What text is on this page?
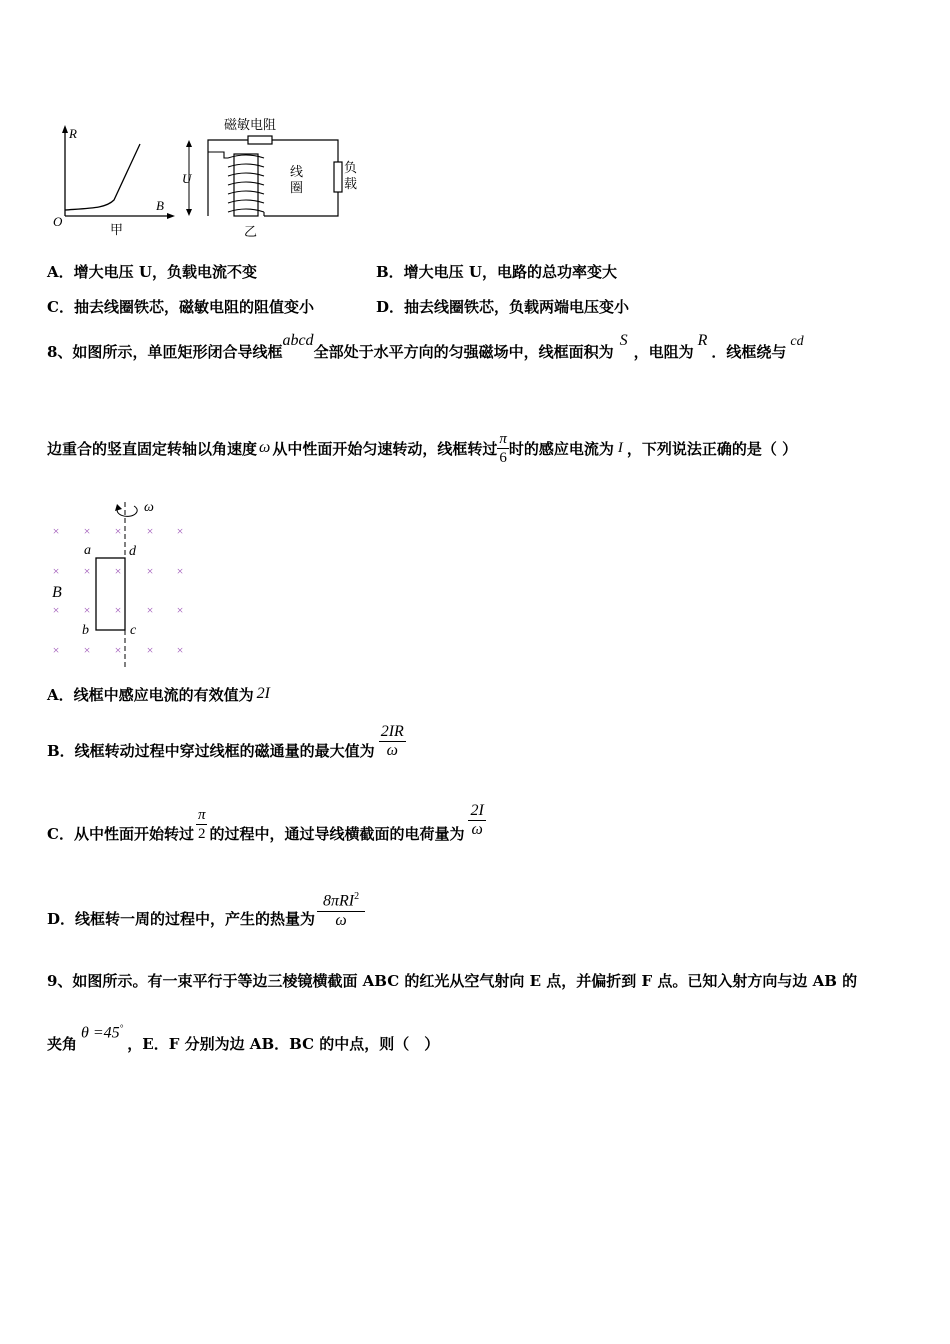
R
B
O
甲
磁敏电阻
负
载
U	线
圈
乙
A．增大电压 U，负载电流不变	B．增大电压 U，电路的总功率变大
C．抽去线圈铁芯，磁敏电阻的阻值变小	D．抽去线圈铁芯，负载两端电压变小
8、如图所示，单匝矩形闭合导线框abcd全部处于水平方向的匀强磁场中，线框面积为S，电阻为R．线框绕与cd
边重合的竖直固定转轴以角速度 ω 从中性面开始匀速转动，线框转过 $\frac{\pi}{6}$ 时的感应电流为 I ，下列说法正确的是（ ）
× × × × ×
× × × × ×
× × × × ×
× × × × ×
ω
a	d
b	c
B
A．线框中感应电流的有效值为 2I
B．线框转动过程中穿过线框的磁通量的最大值为 $\frac{2IR}{\omega}$
C．从中性面开始转过 $\frac{\pi}{2}$ 的过程中，通过导线横截面的电荷量为 $\frac{2I}{\omega}$
D．线框转一周的过程中，产生的热量为 $\frac{8\pi RI^2}{\omega}$
9、如图所示。有一束平行于等边三棱镜横截面 ABC 的红光从空气射向 E 点，并偏折到 F 点。已知入射方向与边 AB 的
夹角
θ =45°
，E．F 分别为边 AB．BC 的中点，则（　）
